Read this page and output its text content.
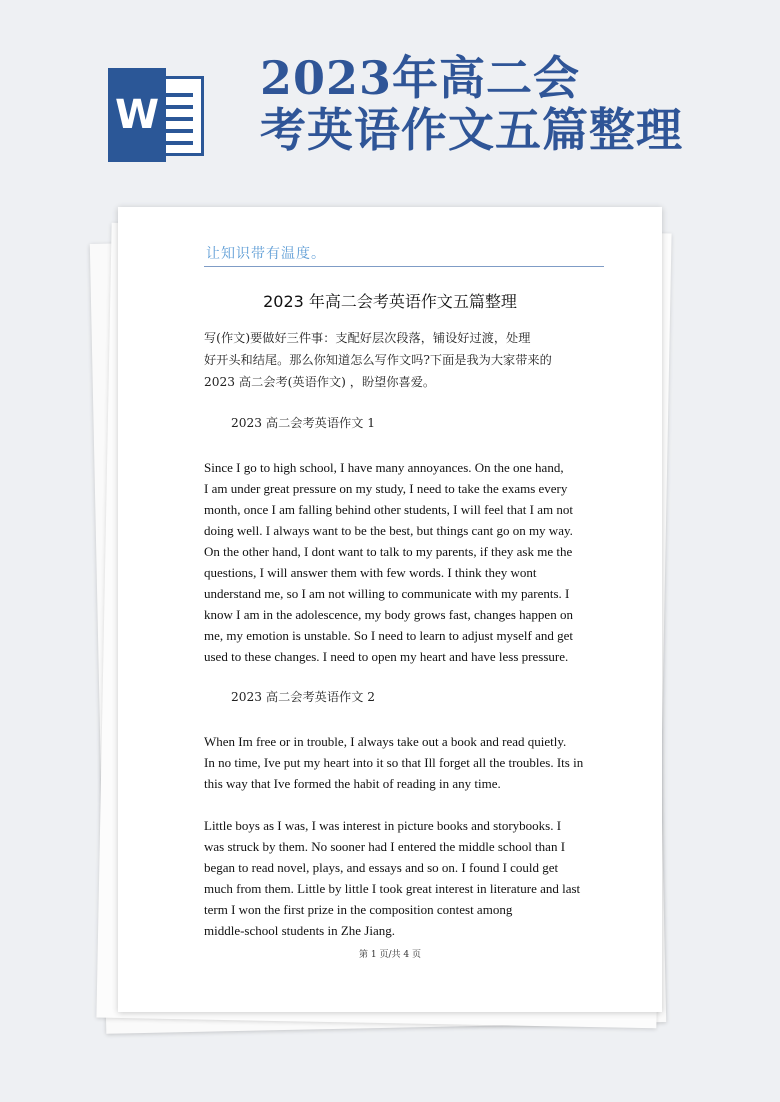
W
2023年高二会
考英语作文五篇整理
让知识带有温度。
2023 年高二会考英语作文五篇整理
写(作文)要做好三件事：支配好层次段落，铺设好过渡，处理
好开头和结尾。那么你知道怎么写作文吗?下面是我为大家带来的
2023 高二会考(英语作文) ，盼望你喜爱。
2023 高二会考英语作文 1
Since I go to high school, I have many annoyances. On the one hand,
I am under great pressure on my study, I need to take the exams every
month, once I am falling behind other students, I will feel that I am not
doing well. I always want to be the best, but things cant go on my way.
On the other hand, I dont want to talk to my parents, if they ask me the
questions, I will answer them with few words. I think they wont
understand me, so I am not willing to communicate with my parents. I
know I am in the adolescence, my body grows fast, changes happen on
me, my emotion is unstable. So I need to learn to adjust myself and get
used to these changes. I need to open my heart and have less pressure.
2023 高二会考英语作文 2
When Im free or in trouble, I always take out a book and read quietly.
In no time, Ive put my heart into it so that Ill forget all the troubles. Its in
this way that Ive formed the habit of reading in any time.
Little boys as I was, I was interest in picture books and storybooks. I
was struck by them. No sooner had I entered the middle school than I
began to read novel, plays, and essays and so on. I found I could get
much from them. Little by little I took great interest in literature and last
term I won the first prize in the composition contest among
middle-school students in Zhe Jiang.
第 1 页/共 4 页
